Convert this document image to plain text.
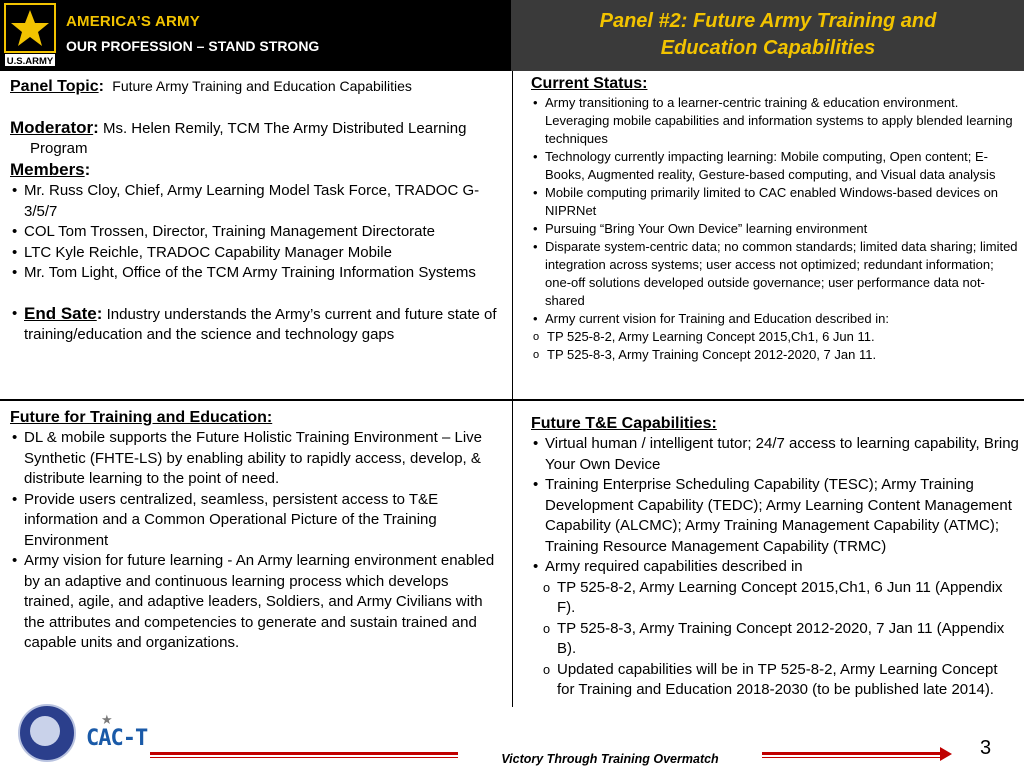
U.S.ARMY
AMERICA’S ARMY
OUR PROFESSION – STAND STRONG
Panel #2: Future Army Training and
Education Capabilities
Panel Topic: Future Army Training and Education Capabilities
Moderator: Ms. Helen Remily, TCM The Army Distributed Learning Program
Members:
• Mr. Russ Cloy, Chief, Army Learning Model Task Force, TRADOC G-3/5/7
• COL Tom Trossen, Director, Training Management Directorate
• LTC Kyle Reichle, TRADOC Capability Manager Mobile
• Mr. Tom Light, Office of the TCM Army Training Information Systems
• End Sate: Industry understands the Army’s current and future state of training/education and the science and technology gaps
Current Status:
• Army transitioning to a learner-centric training & education environment. Leveraging mobile capabilities and information systems to apply blended learning techniques
• Technology currently impacting learning: Mobile computing, Open content; E-Books, Augmented reality, Gesture-based computing, and Visual data analysis
• Mobile computing primarily limited to CAC enabled Windows-based devices on NIPRNet
• Pursuing “Bring Your Own Device” learning environment
• Disparate system-centric data; no common standards; limited data sharing; limited integration across systems; user access not optimized; redundant information; one-off solutions developed outside governance; user performance data not-shared
• Army current vision for Training and Education described in:
o TP 525-8-2, Army Learning Concept 2015,Ch1, 6 Jun 11.
o TP 525-8-3, Army Training Concept 2012-2020, 7 Jan 11.
Future for Training and Education:
• DL & mobile supports the Future Holistic Training Environment – Live Synthetic (FHTE-LS) by enabling ability to rapidly access, develop, & distribute learning to the point of need.
• Provide users centralized, seamless, persistent access to T&E information and a Common Operational Picture of the Training Environment
• Army vision for future learning - An Army learning environment enabled by an adaptive and continuous learning process which develops trained, agile, and adaptive leaders, Soldiers, and Army Civilians with the attributes and competencies to generate and sustain trained and capable units and organizations.
Future T&E Capabilities:
• Virtual human / intelligent tutor; 24/7 access to learning capability, Bring Your Own Device
• Training Enterprise Scheduling Capability (TESC); Army Training Development Capability (TEDC); Army Learning Content Management Capability (ALCMC); Army Training Management Capability (ATMC); Training Resource Management Capability (TRMC)
• Army required capabilities described in
o TP 525-8-2, Army Learning Concept 2015,Ch1, 6 Jun 11 (Appendix F).
o TP 525-8-3, Army Training Concept 2012-2020, 7 Jan 11 (Appendix B).
o Updated capabilities will be in TP 525-8-2, Army Learning Concept for Training and Education 2018-2030 (to be published late 2014).
★
CAC-T
Victory Through Training Overmatch	3
